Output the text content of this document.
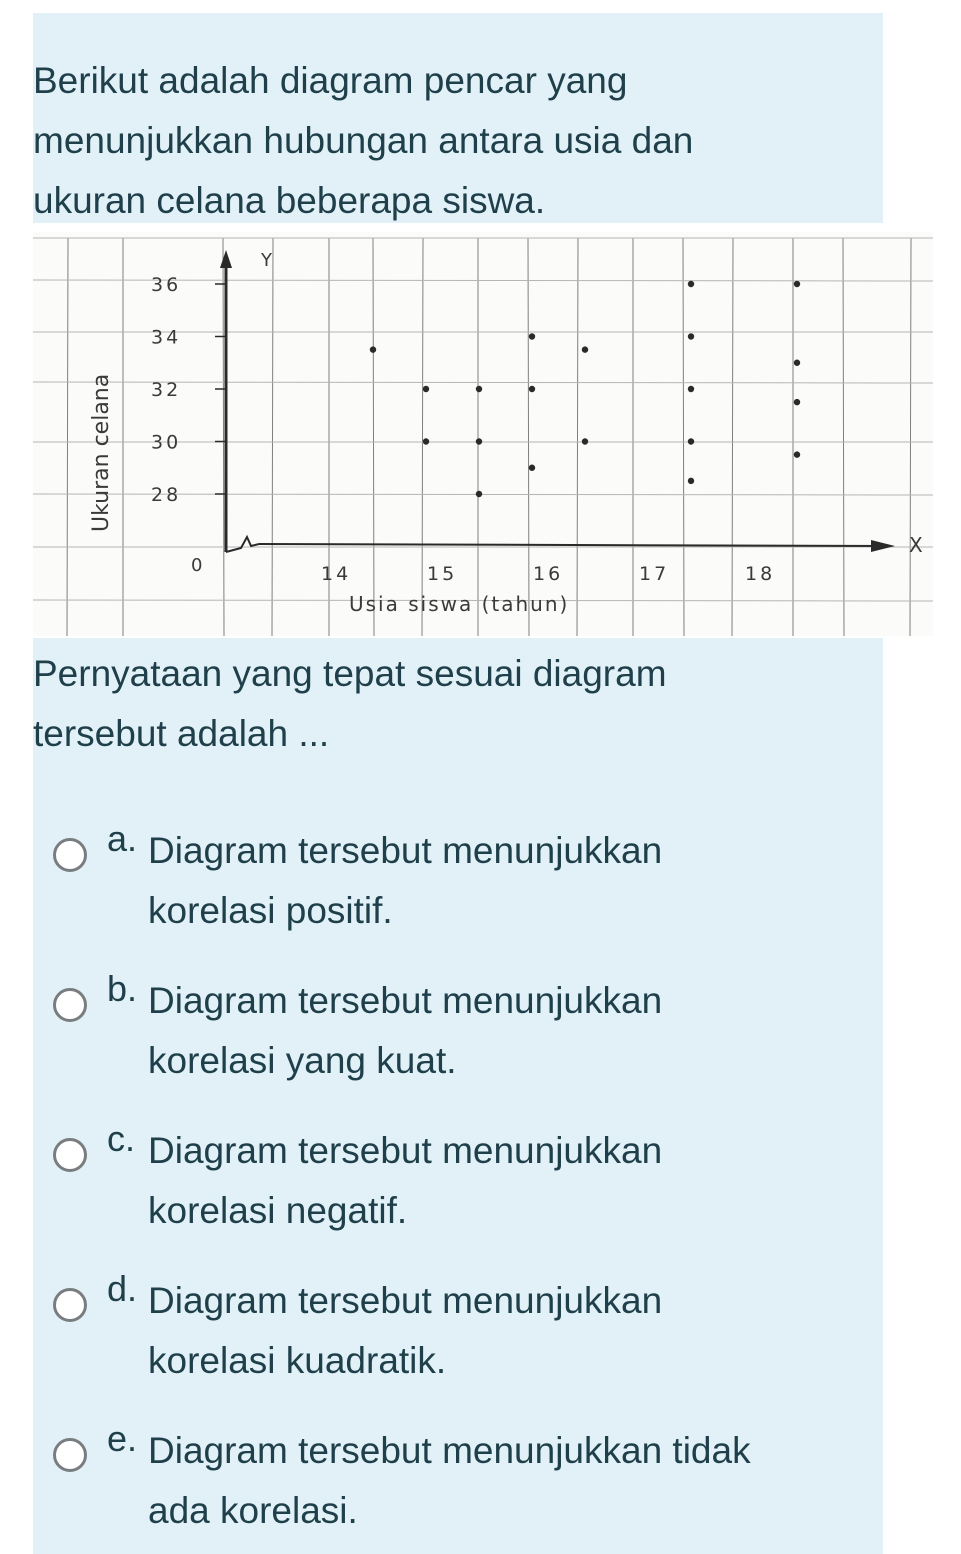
Berikut adalah diagram pencar yang
menunjukkan hubungan antara usia dan
ukuran celana beberapa siswa.
28
30
32
34
36
14	15	16	17	18
Ukuran celana
Usia siswa (tahun)
Y
X
0
Pernyataan yang tepat sesuai diagram
tersebut adalah ...
a. Diagram tersebut menunjukkan
korelasi positif.
b. Diagram tersebut menunjukkan
korelasi yang kuat.
c. Diagram tersebut menunjukkan
korelasi negatif.
d. Diagram tersebut menunjukkan
korelasi kuadratik.
e. Diagram tersebut menunjukkan tidak
ada korelasi.
